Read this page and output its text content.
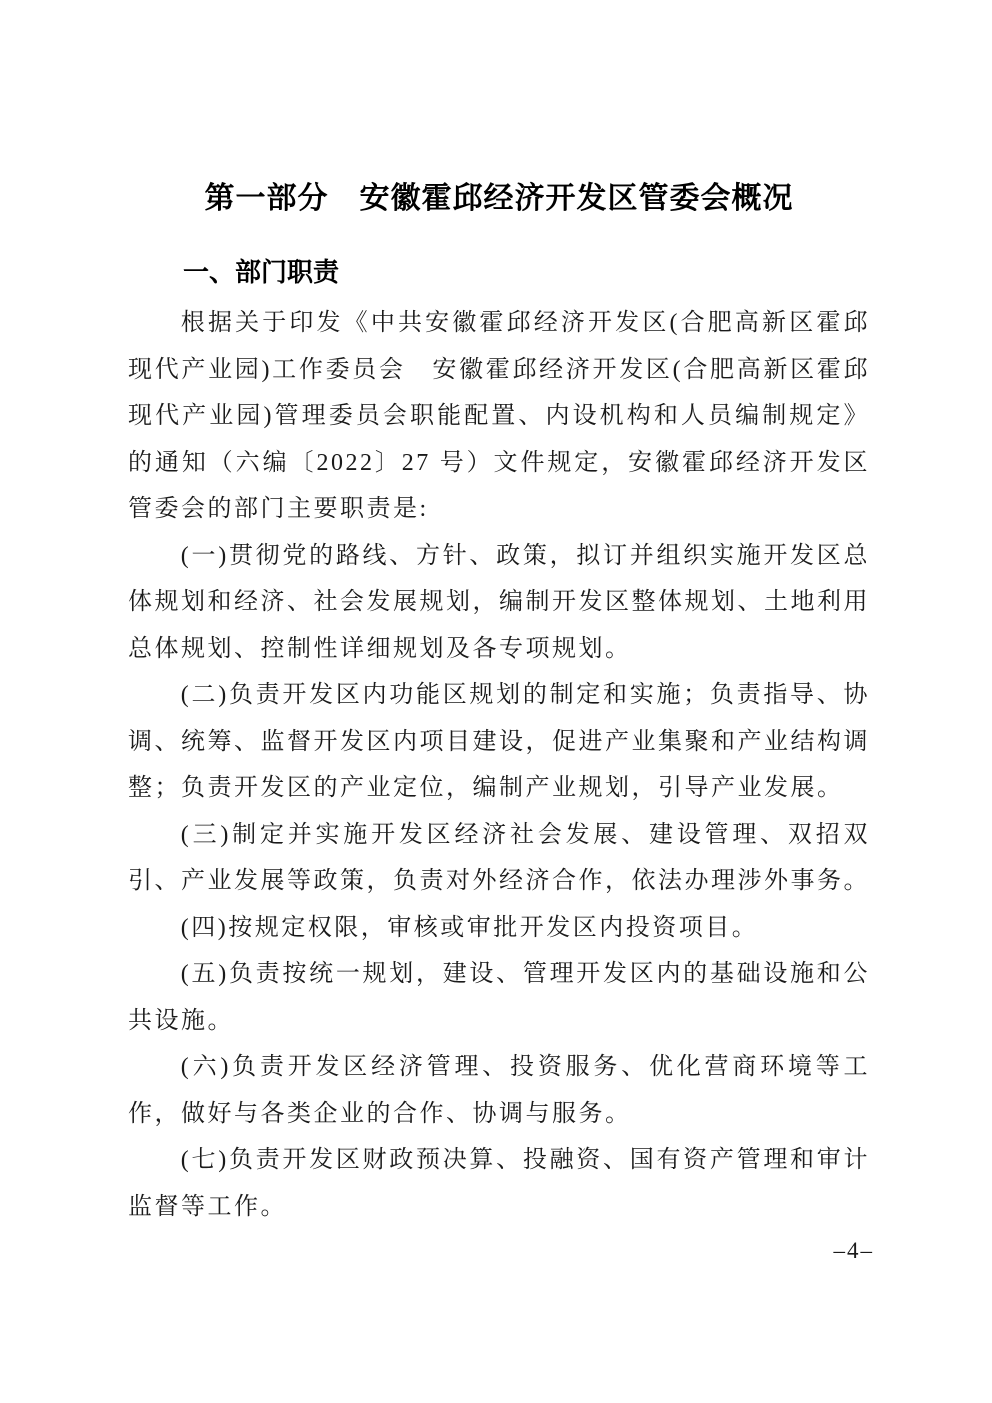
第一部分　安徽霍邱经济开发区管委会概况
一、部门职责

根据关于印发《中共安徽霍邱经济开发区(合肥高新区霍邱现代产业园)工作委员会　安徽霍邱经济开发区(合肥高新区霍邱现代产业园)管理委员会职能配置、内设机构和人员编制规定》的通知（六编〔2022〕27 号）文件规定，安徽霍邱经济开发区管委会的部门主要职责是:

(一)贯彻党的路线、方针、政策，拟订并组织实施开发区总体规划和经济、社会发展规划，编制开发区整体规划、土地利用总体规划、控制性详细规划及各专项规划。

(二)负责开发区内功能区规划的制定和实施；负责指导、协调、统筹、监督开发区内项目建设，促进产业集聚和产业结构调整；负责开发区的产业定位，编制产业规划，引导产业发展。

(三)制定并实施开发区经济社会发展、建设管理、双招双引、产业发展等政策，负责对外经济合作，依法办理涉外事务。

(四)按规定权限，审核或审批开发区内投资项目。

(五)负责按统一规划，建设、管理开发区内的基础设施和公共设施。

(六)负责开发区经济管理、投资服务、优化营商环境等工作，做好与各类企业的合作、协调与服务。

(七)负责开发区财政预决算、投融资、国有资产管理和审计监督等工作。

–4–
